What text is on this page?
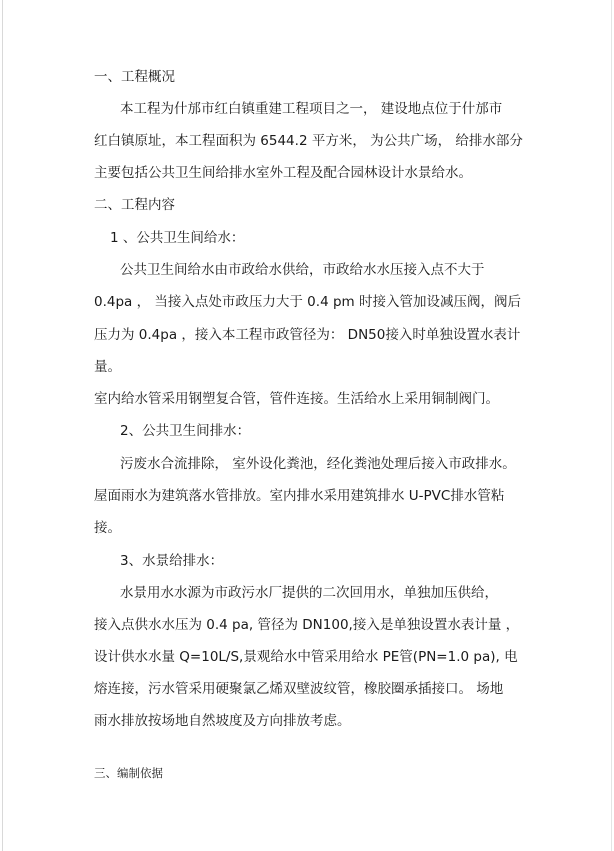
一、工程概况
本工程为什邡市红白镇重建工程项目之一， 建设地点位于什邡市
红白镇原址，本工程面积为 6544.2 平方米， 为公共广场， 给排水部分
主要包括公共卫生间给排水室外工程及配合园林设计水景给水。
二、工程内容
1 、公共卫生间给水：
公共卫生间给水由市政给水供给，市政给水水压接入点不大于
0.4pa ， 当接入点处市政压力大于 0.4 pm 时接入管加设减压阀，阀后
压力为 0.4pa ，接入本工程市政管径为： DN50接入时单独设置水表计
量。
室内给水管采用钢塑复合管，管件连接。生活给水上采用铜制阀门。
2、公共卫生间排水：
污废水合流排除， 室外设化粪池，经化粪池处理后接入市政排水。
屋面雨水为建筑落水管排放。室内排水采用建筑排水 U-PVC排水管粘
接。
3、水景给排水：
水景用水水源为市政污水厂提供的二次回用水，单独加压供给，
接入点供水水压为 0.4 pa, 管径为 DN100,接入是单独设置水表计量 ，
设计供水水量 Q=10L/S,景观给水中管采用给水 PE管(PN=1.0 pa), 电
熔连接，污水管采用硬聚氯乙烯双壁波纹管，橡胶圈承插接口。 场地
雨水排放按场地自然坡度及方向排放考虑。
三、编制依据
